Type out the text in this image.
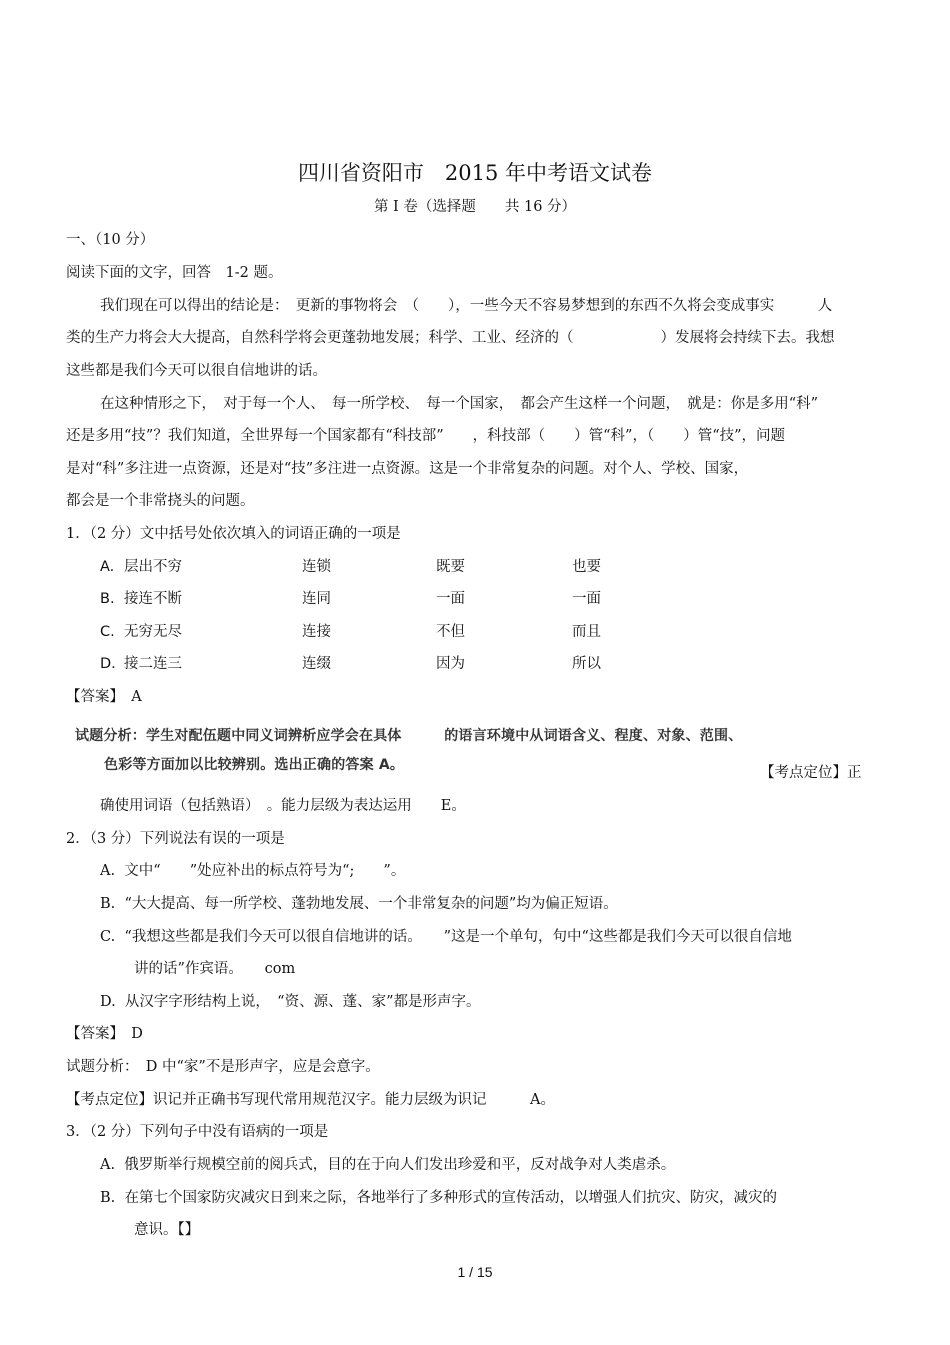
四川省资阳市　2015 年中考语文试卷
第 I 卷（选择题　　共 16 分）
一、（10 分）
阅读下面的文字，回答　1-2 题。
我们现在可以得出的结论是：　更新的事物将会　（　　），一些今天不容易梦想到的东西不久将会变成事实　　　人
类的生产力将会大大提高，自然科学将会更蓬勃地发展；科学、工业、经济的（　　　　　　）发展将会持续下去。我想
这些都是我们今天可以很自信地讲的话。
在这种情形之下，　对于每一个人、　每一所学校、　每一个国家，　都会产生这样一个问题，　就是：你是多用“科”
还是多用“技”？我们知道，全世界每一个国家都有“科技部”　　，科技部（　　）管“科”，（　　）管“技”，问题
是对“科”多注进一点资源，还是对“技”多注进一点资源。这是一个非常复杂的问题。对个人、学校、国家，
都会是一个非常挠头的问题。
1．（2 分）文中括号处依次填入的词语正确的一项是
A. 层出不穷	连锁	既要	也要
B. 接连不断	连同	一面	一面
C. 无穷无尽	连接	不但	而且
D. 接二连三	连缀	因为	所以
【答案】　A
试题分析：学生对配伍题中同义词辨析应学会在具体　　　的语言环境中从词语含义、程度、对象、范围、
色彩等方面加以比较辨别。选出正确的答案 A。	【考点定位】正
确使用词语（包括熟语）　。能力层级为表达运用　　E。
2．（3 分）下列说法有误的一项是
A.  文中“　　”处应补出的标点符号为“;　　”。
B.  “大大提高、每一所学校、蓬勃地发展、一个非常复杂的问题”均为偏正短语。
C.  “我想这些都是我们今天可以很自信地讲的话。　　”这是一个单句，句中“这些都是我们今天可以很自信地
讲的话”作宾语。　　com
D.  从汉字字形结构上说，　“资、源、蓬、家”都是形声字。
【答案】　D
试题分析：　D 中“家”不是形声字，应是会意字。
【考点定位】识记并正确书写现代常用规范汉字。能力层级为识记　　　A。
3．（2 分）下列句子中没有语病的一项是
A.  俄罗斯举行规模空前的阅兵式，目的在于向人们发出珍爱和平，反对战争对人类虐杀。
B.  在第七个国家防灾减灾日到来之际，各地举行了多种形式的宣传活动，以增强人们抗灾、防灾，减灾的
意识。【】
1 / 15
